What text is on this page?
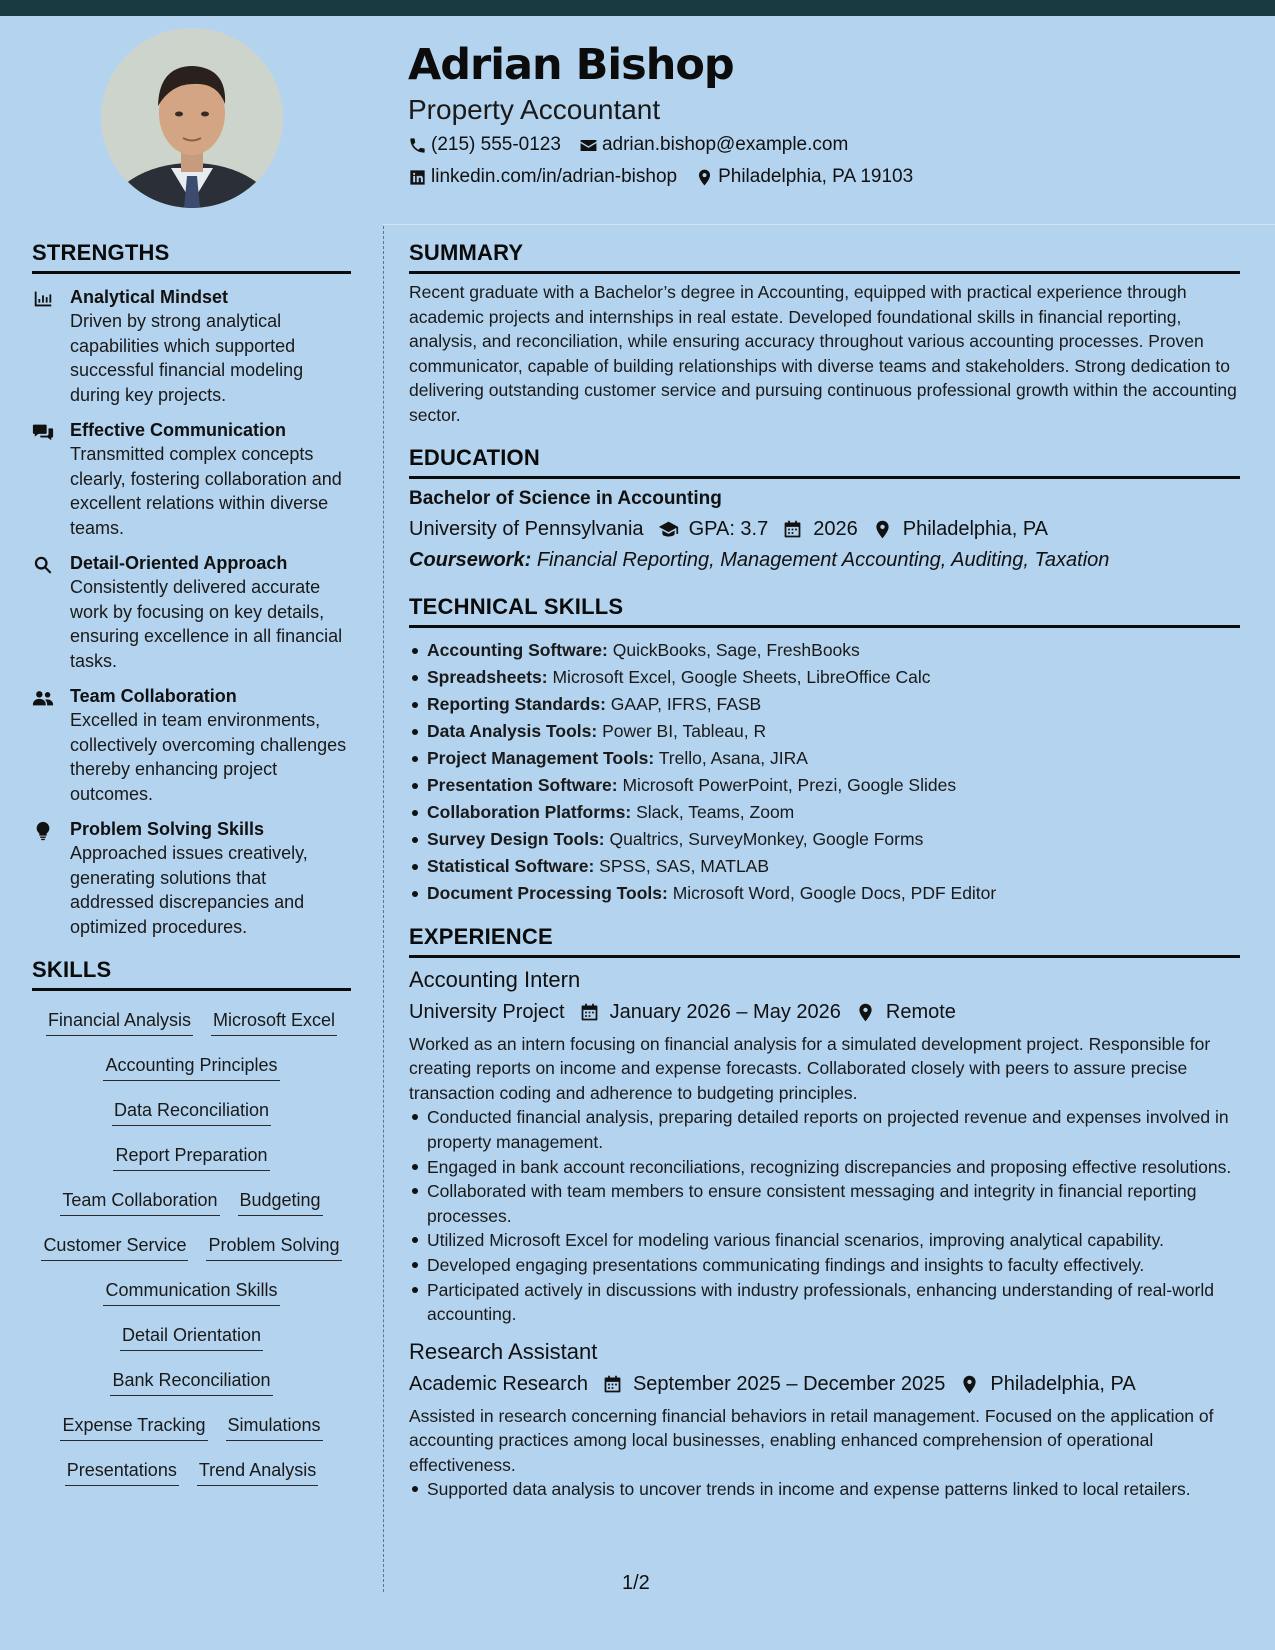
Adrian Bishop
Property Accountant
(215) 555-0123 adrian.bishop@example.com
linkedin.com/in/adrian-bishop Philadelphia, PA 19103
STRENGTHS
Analytical Mindset
Driven by strong analytical capabilities which supported successful financial modeling during key projects.
Effective Communication
Transmitted complex concepts clearly, fostering collaboration and excellent relations within diverse teams.
Detail-Oriented Approach
Consistently delivered accurate work by focusing on key details, ensuring excellence in all financial tasks.
Team Collaboration
Excelled in team environments, collectively overcoming challenges thereby enhancing project outcomes.
Problem Solving Skills
Approached issues creatively, generating solutions that addressed discrepancies and optimized procedures.
SKILLS
Financial Analysis Microsoft Excel
Accounting Principles
Data Reconciliation
Report Preparation
Team Collaboration Budgeting
Customer Service Problem Solving
Communication Skills
Detail Orientation
Bank Reconciliation
Expense Tracking Simulations
Presentations Trend Analysis
SUMMARY
Recent graduate with a Bachelor’s degree in Accounting, equipped with practical experience through academic projects and internships in real estate. Developed foundational skills in financial reporting, analysis, and reconciliation, while ensuring accuracy throughout various accounting processes. Proven communicator, capable of building relationships with diverse teams and stakeholders. Strong dedication to delivering outstanding customer service and pursuing continuous professional growth within the accounting sector.
EDUCATION
Bachelor of Science in Accounting
University of Pennsylvania GPA: 3.7 2026 Philadelphia, PA
Coursework: Financial Reporting, Management Accounting, Auditing, Taxation
TECHNICAL SKILLS
Accounting Software: QuickBooks, Sage, FreshBooks
Spreadsheets: Microsoft Excel, Google Sheets, LibreOffice Calc
Reporting Standards: GAAP, IFRS, FASB
Data Analysis Tools: Power BI, Tableau, R
Project Management Tools: Trello, Asana, JIRA
Presentation Software: Microsoft PowerPoint, Prezi, Google Slides
Collaboration Platforms: Slack, Teams, Zoom
Survey Design Tools: Qualtrics, SurveyMonkey, Google Forms
Statistical Software: SPSS, SAS, MATLAB
Document Processing Tools: Microsoft Word, Google Docs, PDF Editor
EXPERIENCE
Accounting Intern
University Project January 2026 – May 2026 Remote
Worked as an intern focusing on financial analysis for a simulated development project. Responsible for creating reports on income and expense forecasts. Collaborated closely with peers to assure precise transaction coding and adherence to budgeting principles.
Conducted financial analysis, preparing detailed reports on projected revenue and expenses involved in property management.
Engaged in bank account reconciliations, recognizing discrepancies and proposing effective resolutions.
Collaborated with team members to ensure consistent messaging and integrity in financial reporting processes.
Utilized Microsoft Excel for modeling various financial scenarios, improving analytical capability.
Developed engaging presentations communicating findings and insights to faculty effectively.
Participated actively in discussions with industry professionals, enhancing understanding of real-world accounting.
Research Assistant
Academic Research September 2025 – December 2025 Philadelphia, PA
Assisted in research concerning financial behaviors in retail management. Focused on the application of accounting practices among local businesses, enabling enhanced comprehension of operational effectiveness.
Supported data analysis to uncover trends in income and expense patterns linked to local retailers.
1/2
